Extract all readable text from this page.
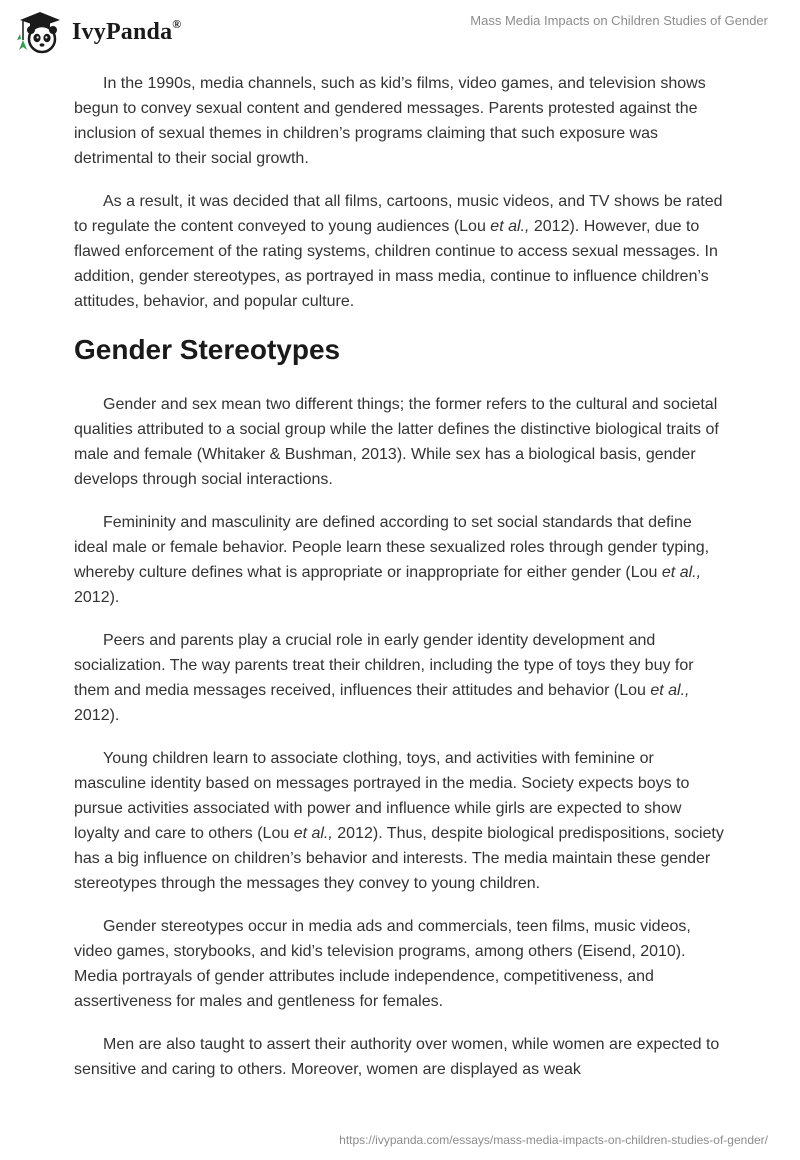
IvyPanda®	Mass Media Impacts on Children Studies of Gender

In the 1990s, media channels, such as kid’s films, video games, and television shows begun to convey sexual content and gendered messages. Parents protested against the inclusion of sexual themes in children’s programs claiming that such exposure was detrimental to their social growth.

As a result, it was decided that all films, cartoons, music videos, and TV shows be rated to regulate the content conveyed to young audiences (Lou et al., 2012). However, due to flawed enforcement of the rating systems, children continue to access sexual messages. In addition, gender stereotypes, as portrayed in mass media, continue to influence children’s attitudes, behavior, and popular culture.

Gender Stereotypes

Gender and sex mean two different things; the former refers to the cultural and societal qualities attributed to a social group while the latter defines the distinctive biological traits of male and female (Whitaker & Bushman, 2013). While sex has a biological basis, gender develops through social interactions.

Femininity and masculinity are defined according to set social standards that define ideal male or female behavior. People learn these sexualized roles through gender typing, whereby culture defines what is appropriate or inappropriate for either gender (Lou et al., 2012).

Peers and parents play a crucial role in early gender identity development and socialization. The way parents treat their children, including the type of toys they buy for them and media messages received, influences their attitudes and behavior (Lou et al., 2012).

Young children learn to associate clothing, toys, and activities with feminine or masculine identity based on messages portrayed in the media. Society expects boys to pursue activities associated with power and influence while girls are expected to show loyalty and care to others (Lou et al., 2012). Thus, despite biological predispositions, society has a big influence on children’s behavior and interests. The media maintain these gender stereotypes through the messages they convey to young children.

Gender stereotypes occur in media ads and commercials, teen films, music videos, video games, storybooks, and kid’s television programs, among others (Eisend, 2010). Media portrayals of gender attributes include independence, competitiveness, and assertiveness for males and gentleness for females.

Men are also taught to assert their authority over women, while women are expected to sensitive and caring to others. Moreover, women are displayed as weak

https://ivypanda.com/essays/mass-media-impacts-on-children-studies-of-gender/
